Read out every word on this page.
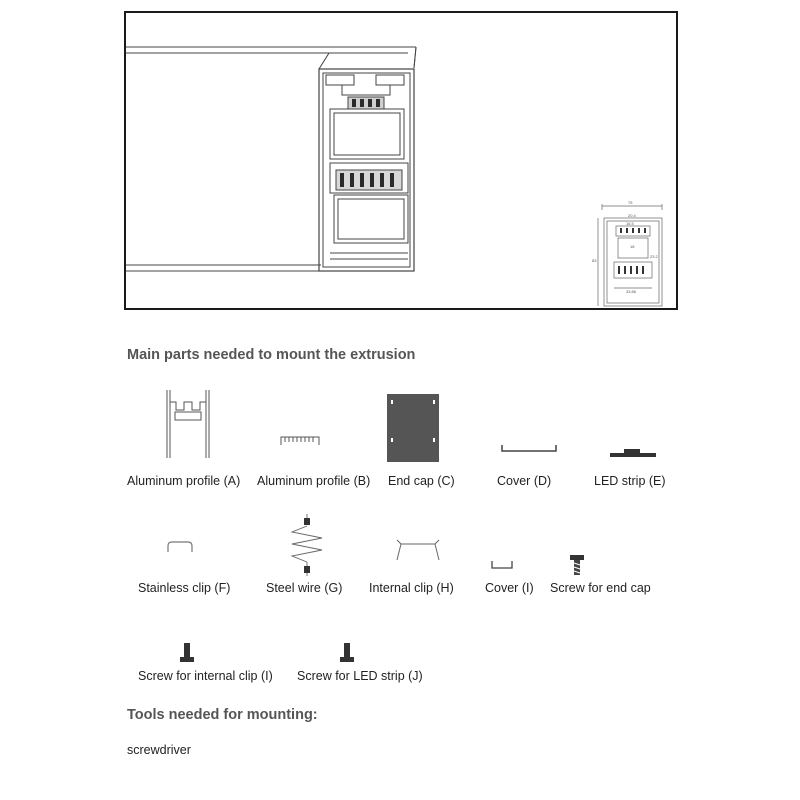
75
20.4
16.5
18
23.2
33.86
83
Main parts needed to mount the extrusion
Aluminum profile (A) Aluminum profile (B) End cap (C)	Cover (D)	LED strip (E)
Stainless clip (F)	Steel wire (G) Internal clip (H)	Cover (I) Screw for end cap
Screw for internal clip (I) Screw for LED strip (J)
Tools needed for mounting:
screwdriver
